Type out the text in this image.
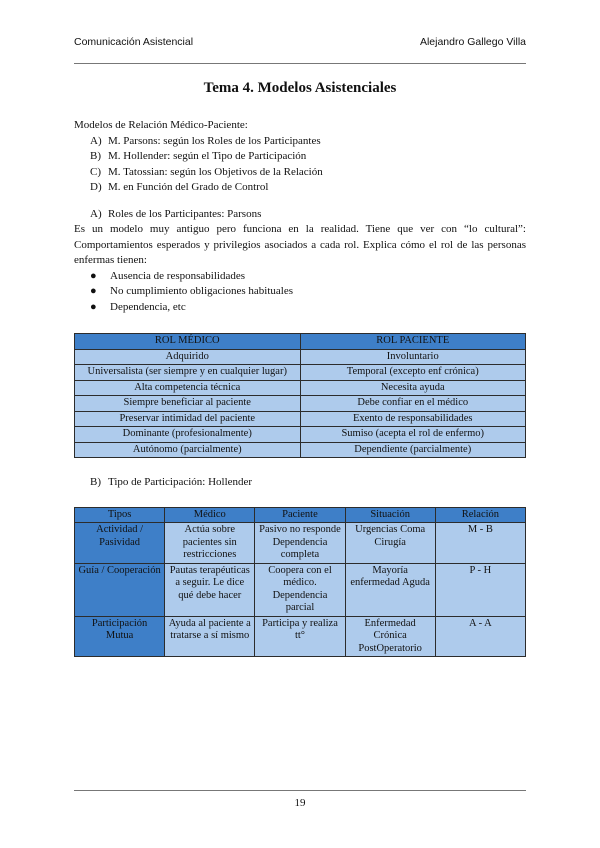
Comunicación Asistencial	Alejandro Gallego Villa
Tema 4. Modelos Asistenciales

Modelos de Relación Médico-Paciente:

A) M. Parsons: según los Roles de los Participantes
B) M. Hollender: según el Tipo de Participación
C) M. Tatossian: según los Objetivos de la Relación
D) M. en Función del Grado de Control
A) Roles de los Participantes: Parsons

Es un modelo muy antiguo pero funciona en la realidad. Tiene que ver con “lo cultural”: Comportamientos esperados y privilegios asociados a cada rol. Explica cómo el rol de las personas enfermas tienen:

● Ausencia de responsabilidades
● No cumplimiento obligaciones habituales
● Dependencia, etc
ROL MÉDICO	ROL PACIENTE
Adquirido	Involuntario
Universalista (ser siempre y en cualquier lugar)	Temporal (excepto enf crónica)
Alta competencia técnica	Necesita ayuda
Siempre beneficiar al paciente	Debe confiar en el médico
Preservar intimidad del paciente	Exento de responsabilidades
Dominante (profesionalmente)	Sumiso (acepta el rol de enfermo)
Autónomo (parcialmente)	Dependiente (parcialmente)
B) Tipo de Participación: Hollender
Tipos	Médico	Paciente	Situación	Relación
Actividad / Pasividad	Actúa sobre pacientes sin restricciones	Pasivo no responde Dependencia completa	Urgencias Coma Cirugía	M - B
Guía / Cooperación	Pautas terapéuticas a seguir. Le dice qué debe hacer	Coopera con el médico. Dependencia parcial	Mayoría enfermedad Aguda	P - H
Participación Mutua	Ayuda al paciente a tratarse a sí mismo	Participa y realiza tt°	Enfermedad Crónica PostOperatorio	A - A
19
